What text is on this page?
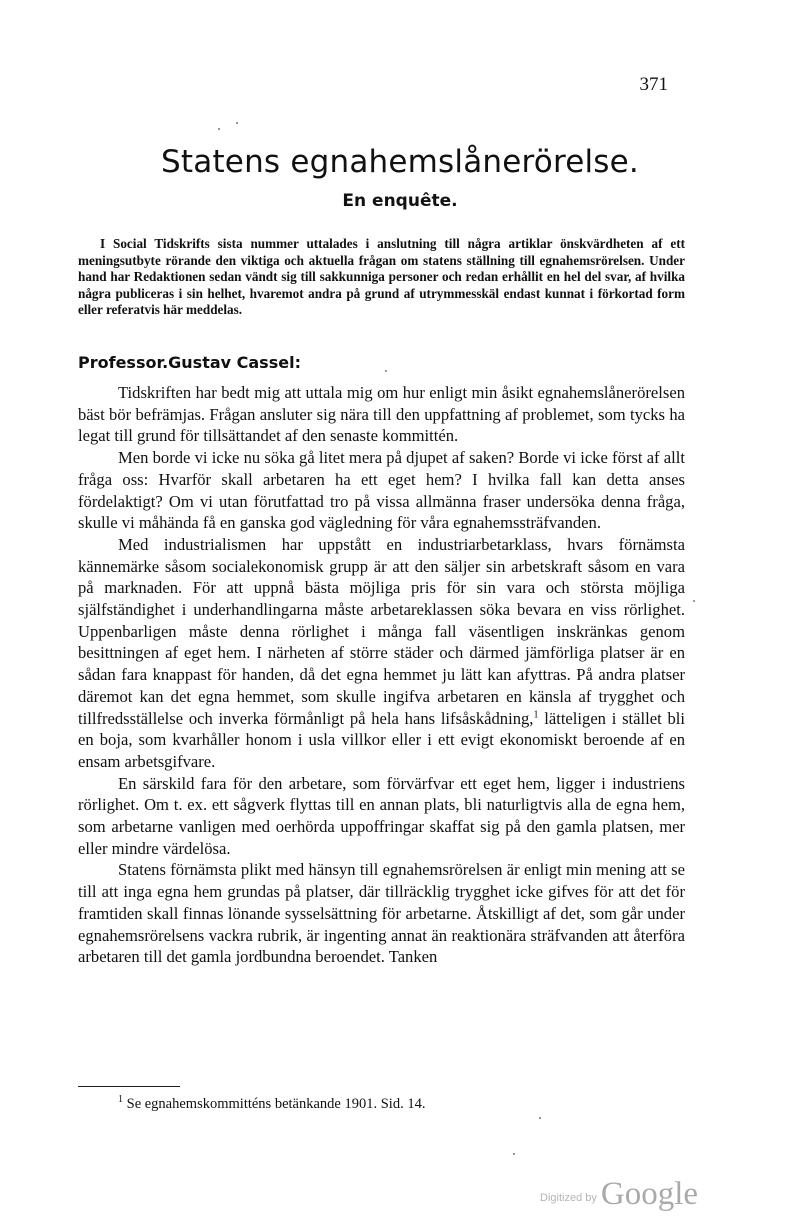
371
Statens egnahemslånerörelse.
En enquête.
I Social Tidskrifts sista nummer uttalades i anslutning till några artiklar önskvärdheten af ett meningsutbyte rörande den viktiga och aktuella frågan om statens ställning till egnahemsrörelsen. Under hand har Redaktionen sedan vändt sig till sakkunniga personer och redan erhållit en hel del svar, af hvilka några publiceras i sin helhet, hvaremot andra på grund af utrymmesskäl endast kunnat i förkortad form eller referatvis här meddelas.
Professor.Gustav Cassel:

Tidskriften har bedt mig att uttala mig om hur enligt min åsikt egnahemslånerörelsen bäst bör befrämjas. Frågan ansluter sig nära till den uppfattning af problemet, som tycks ha legat till grund för tillsättandet af den senaste kommittén.

Men borde vi icke nu söka gå litet mera på djupet af saken? Borde vi icke först af allt fråga oss: Hvarför skall arbetaren ha ett eget hem? I hvilka fall kan detta anses fördelaktigt? Om vi utan förutfattad tro på vissa allmänna fraser undersöka denna fråga, skulle vi måhända få en ganska god vägledning för våra egnahemssträfvanden.

Med industrialismen har uppstått en industriarbetarklass, hvars förnämsta kännemärke såsom socialekonomisk grupp är att den säljer sin arbetskraft såsom en vara på marknaden. För att uppnå bästa möjliga pris för sin vara och största möjliga själfständighet i underhandlingarna måste arbetareklassen söka bevara en viss rörlighet. Uppenbarligen måste denna rörlighet i många fall väsentligen inskränkas genom besittningen af eget hem. I närheten af större städer och därmed jämförliga platser är en sådan fara knappast för handen, då det egna hemmet ju lätt kan afyttras. På andra platser däremot kan det egna hemmet, som skulle ingifva arbetaren en känsla af trygghet och tillfredsställelse och inverka förmånligt på hela hans lifsåskådning,$^1$ lätteligen i stället bli en boja, som kvarhåller honom i usla villkor eller i ett evigt ekonomiskt beroende af en ensam arbetsgifvare.

En särskild fara för den arbetare, som förvärfvar ett eget hem, ligger i industriens rörlighet. Om t. ex. ett sågverk flyttas till en annan plats, bli naturligtvis alla de egna hem, som arbetarne vanligen med oerhörda uppoffringar skaffat sig på den gamla platsen, mer eller mindre värdelösa.

Statens förnämsta plikt med hänsyn till egnahemsrörelsen är enligt min mening att se till att inga egna hem grundas på platser, där tillräcklig trygghet icke gifves för att det för framtiden skall finnas lönande sysselsättning för arbetarne. Åtskilligt af det, som går under egnahemsrörelsens vackra rubrik, är ingenting annat än reaktionära sträfvanden att återföra arbetaren till det gamla jordbundna beroendet. Tanken

$^1$ Se egnahemskommitténs betänkande 1901. Sid. 14.
Digitized by Google
